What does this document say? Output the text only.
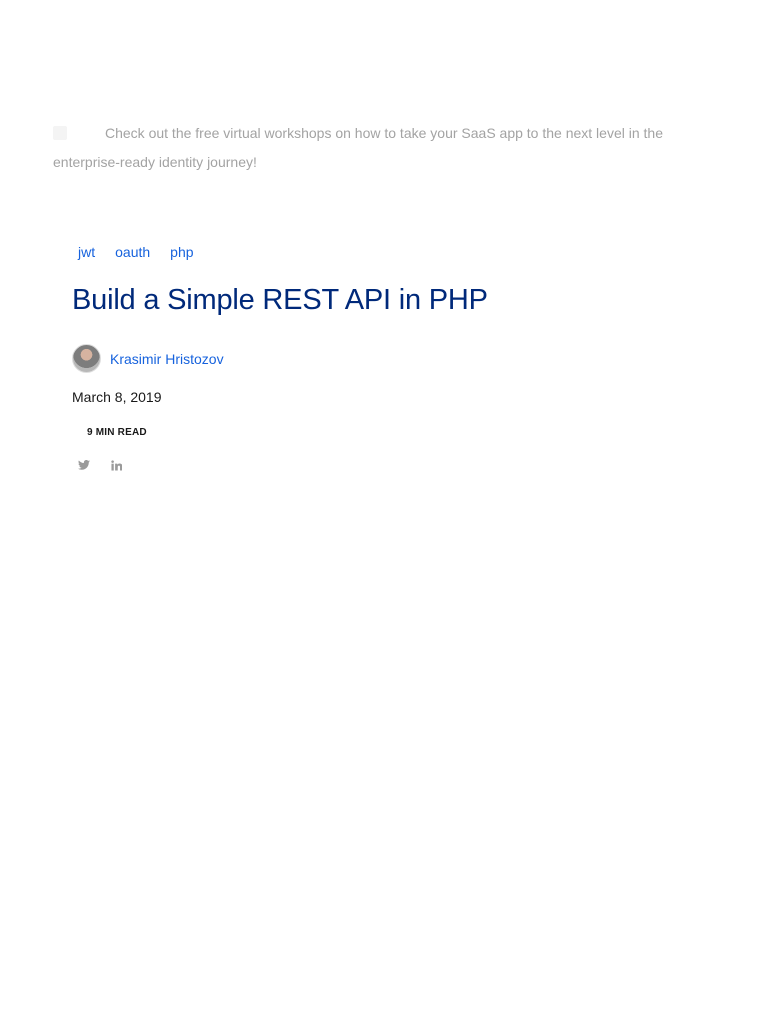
Check out the free virtual workshops on how to take your SaaS app to the next level in the enterprise-ready identity journey!
jwt oauth php
Build a Simple REST API in PHP
Krasimir Hristozov
March 8, 2019
9 MIN READ
